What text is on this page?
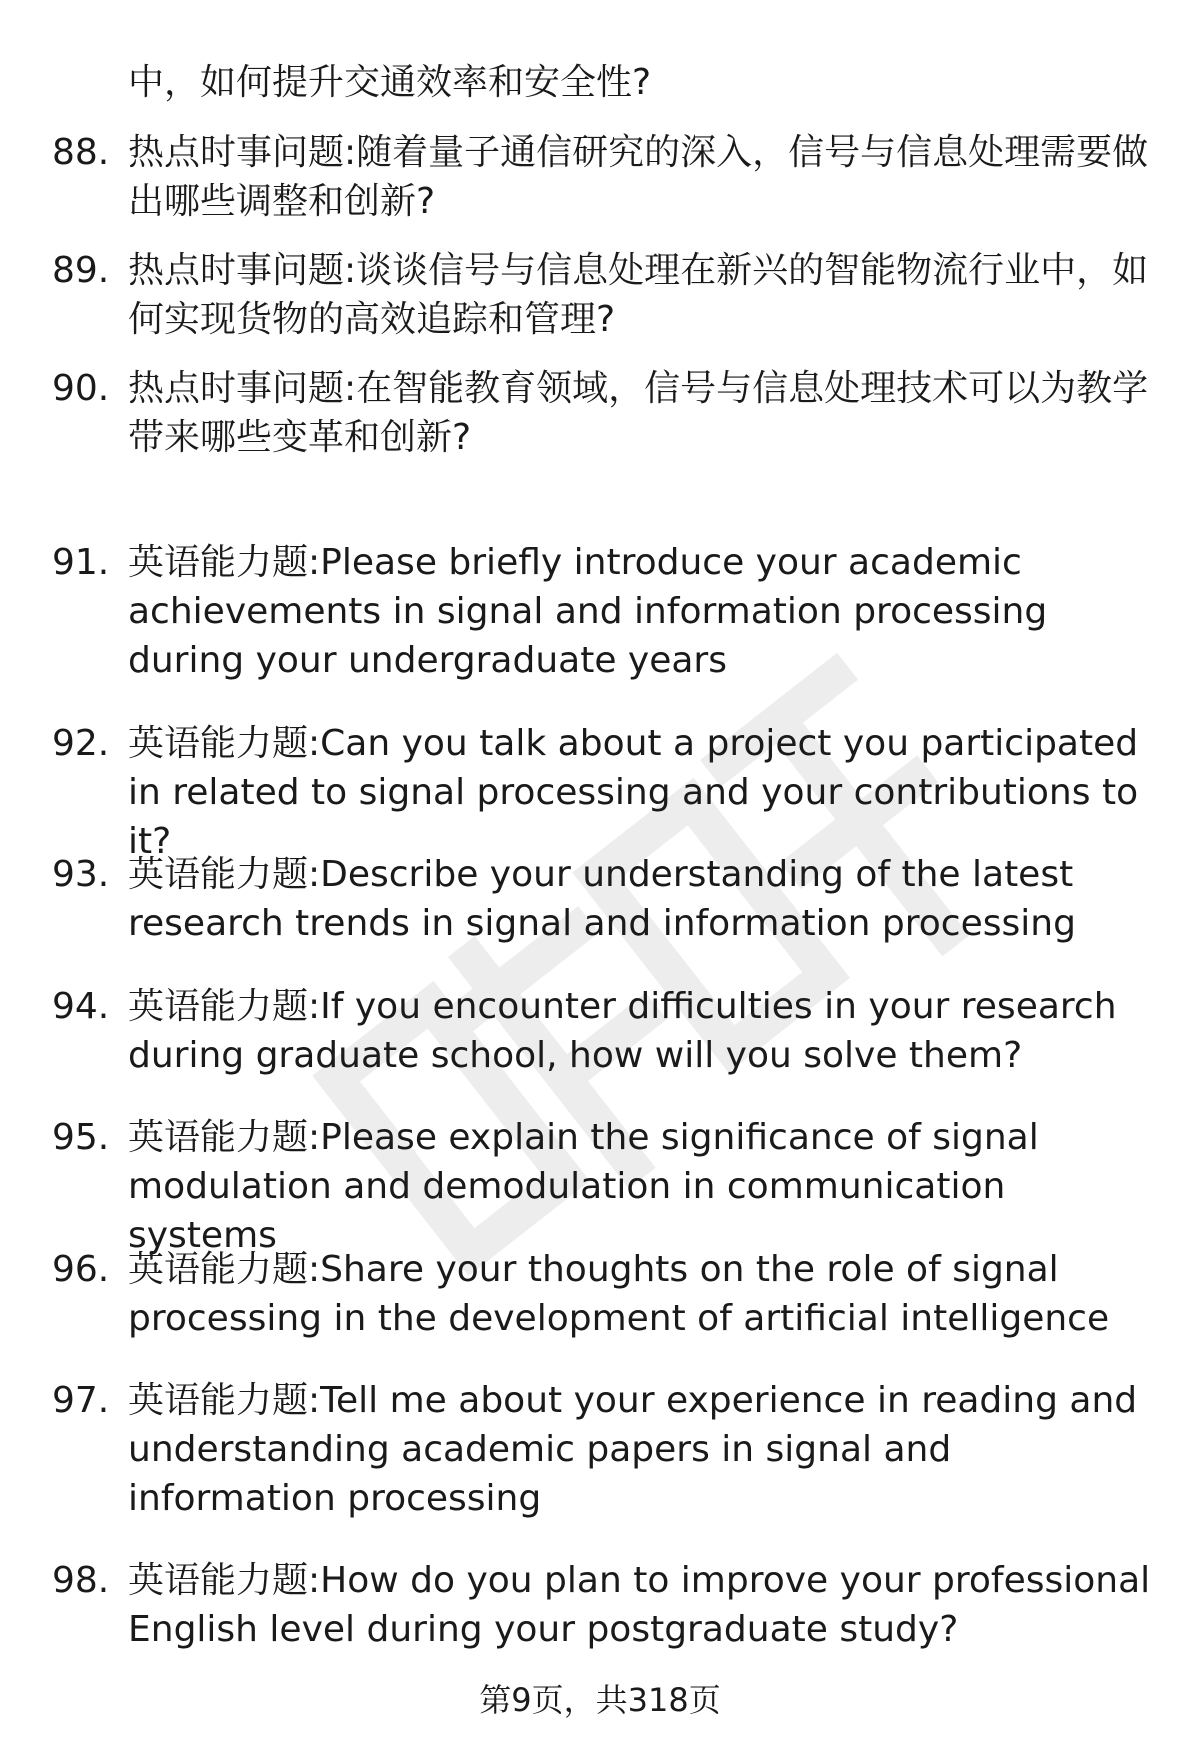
中，如何提升交通效率和安全性?
88. 热点时事问题:随着量子通信研究的深入，信号与信息处理需要做出哪些调整和创新?
89. 热点时事问题:谈谈信号与信息处理在新兴的智能物流行业中，如何实现货物的高效追踪和管理?
90. 热点时事问题:在智能教育领域，信号与信息处理技术可以为教学带来哪些变革和创新?
91. 英语能力题:Please briefly introduce your academic achievements in signal and information processing during your undergraduate years
92. 英语能力题:Can you talk about a project you participated in related to signal processing and your contributions to it?
93. 英语能力题:Describe your understanding of the latest research trends in signal and information processing
94. 英语能力题:If you encounter difficulties in your research during graduate school, how will you solve them?
95. 英语能力题:Please explain the significance of signal modulation and demodulation in communication systems
96. 英语能力题:Share your thoughts on the role of signal processing in the development of artificial intelligence
97. 英语能力题:Tell me about your experience in reading and understanding academic papers in signal and information processing
98. 英语能力题:How do you plan to improve your professional English level during your postgraduate study?
第9页，共318页
